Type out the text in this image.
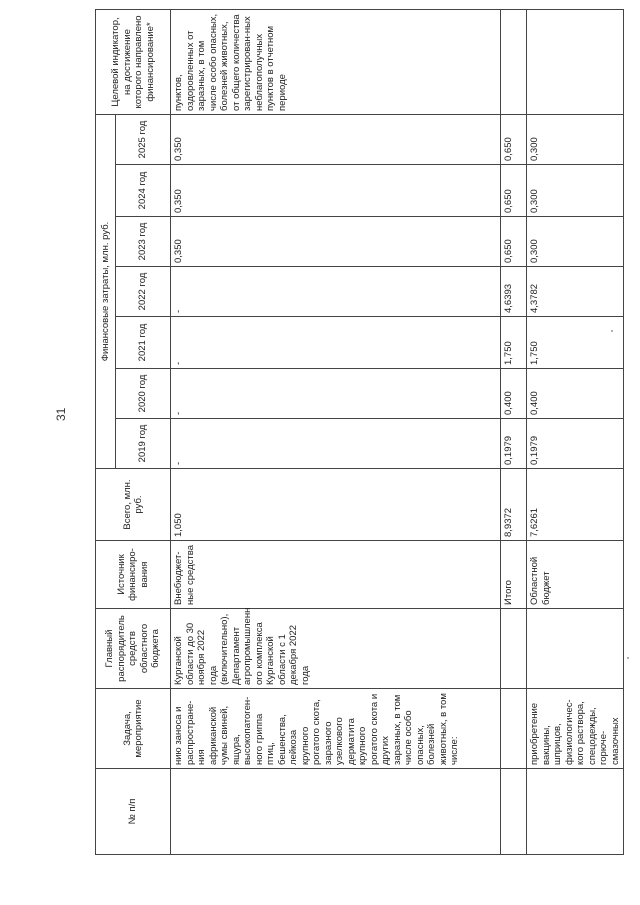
31
№ п/п	Задача, мероприятие	Главный распорядитель средств областного бюджета	Источник финансиро-вания	Всего, млн. руб.	Финансовые затраты, млн. руб.							Целевой индикатор, на достижение которого направлено финансирование*
					2019 год	2020 год	2021 год	2022 год	2023 год	2024 год	2025 год	
	нию заноса и распростране-ния африканской чумы свиней, ящура, высокопатоген-ного гриппа птиц, бешенства, лейкоза крупного рогатого скота, заразного узелкового дерматита крупного рогатого скота и других заразных, в том числе особо опасных, болезней животных, в том числе:	Курганской области до 30 ноября 2022 года (включительно), Департамент агропромышленн ого комплекса Курганской области с 1 декабря 2022 года	Внебюджет-ные средства	1,050	-	-	-	-	0,350	0,350	0,350	пунктов, оздоровленных от заразных, в том числе особо опасных, болезней животных, от общего количества зарегистрирован-ных неблагополучных пунктов в отчетном периоде
			Итого	8,9372	0,1979	0,400	1,750	4,6393	0,650	0,650	0,650	
	приобретение вакцины, шприцов, физиологичес-кого раствора, спецодежды, горюче-смазочных		Областной бюджет	7,6261	0,1979	0,400	1,750	4,3782	0,300	0,300	0,300	
